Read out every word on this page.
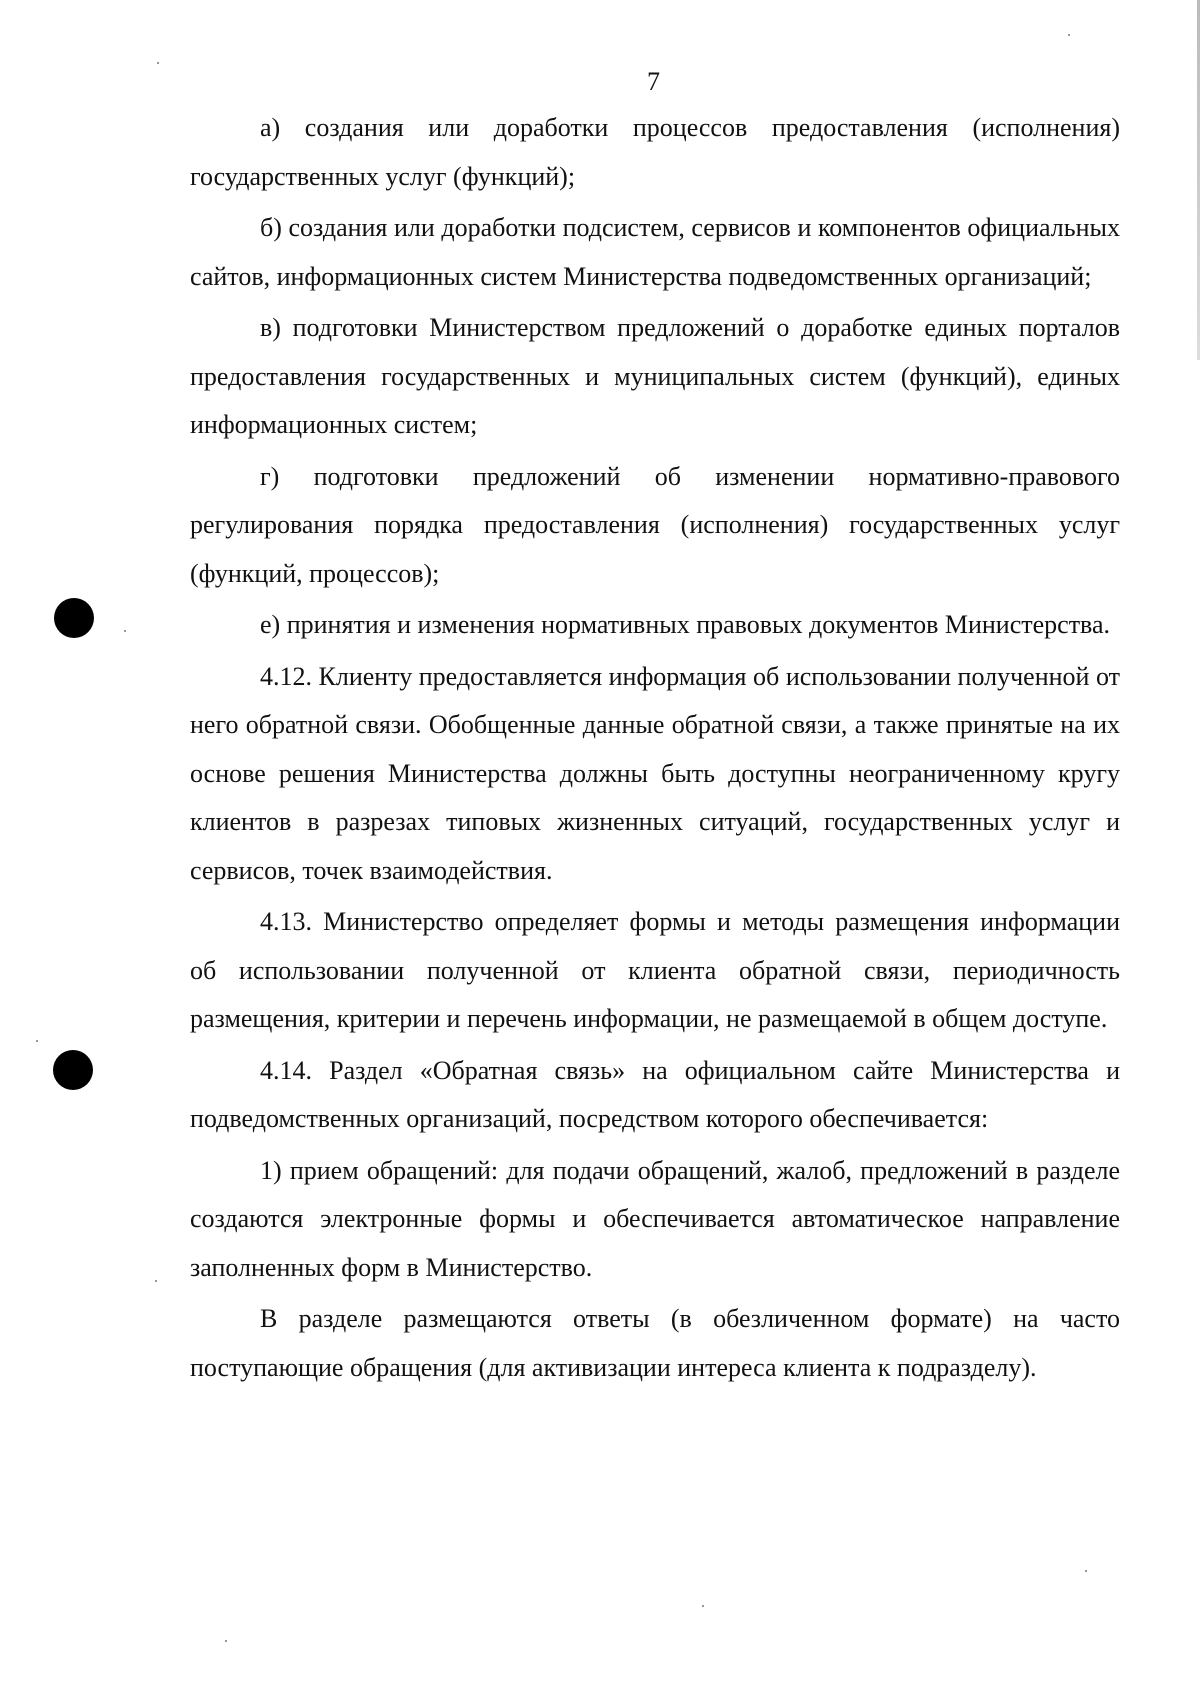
7

а) создания или доработки процессов предоставления (исполнения) государственных услуг (функций);

б) создания или доработки подсистем, сервисов и компонентов официальных сайтов, информационных систем Министерства подведомственных организаций;

в) подготовки Министерством предложений о доработке единых порталов предоставления государственных и муниципальных систем (функций), единых информационных систем;

г) подготовки предложений об изменении нормативно-правового регулирования порядка предоставления (исполнения) государственных услуг (функций, процессов);

е) принятия и изменения нормативных правовых документов Министерства.

4.12. Клиенту предоставляется информация об использовании полученной от него обратной связи. Обобщенные данные обратной связи, а также принятые на их основе решения Министерства должны быть доступны неограниченному кругу клиентов в разрезах типовых жизненных ситуаций, государственных услуг и сервисов, точек взаимодействия.

4.13. Министерство определяет формы и методы размещения информации об использовании полученной от клиента обратной связи, периодичность размещения, критерии и перечень информации, не размещаемой в общем доступе.

4.14. Раздел «Обратная связь» на официальном сайте Министерства и подведомственных организаций, посредством которого обеспечивается:

1) прием обращений: для подачи обращений, жалоб, предложений в разделе создаются электронные формы и обеспечивается автоматическое направление заполненных форм в Министерство.

В разделе размещаются ответы (в обезличенном формате) на часто поступающие обращения (для активизации интереса клиента к подразделу).
